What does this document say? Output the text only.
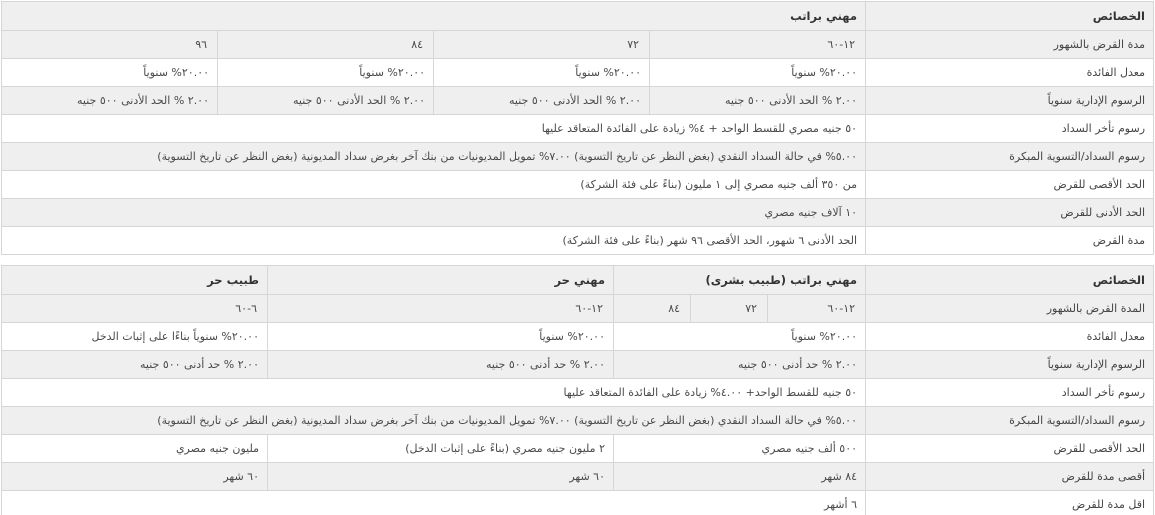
الخصائص	مهني براتب			
مدة القرض بالشهور	١٢-٦٠	٧٢	٨٤	٩٦
معدل الفائدة	٢٠.٠٠% سنوياً	٢٠.٠٠% سنوياً	٢٠.٠٠% سنوياً	٢٠.٠٠% سنوياً
الرسوم الإدارية سنوياً	٢.٠٠ % الحد الأدنى ٥٠٠ جنيه	٢.٠٠ % الحد الأدنى ٥٠٠ جنيه	٢.٠٠ % الحد الأدنى ٥٠٠ جنيه	٢.٠٠ % الحد الأدنى ٥٠٠ جنيه
رسوم تأخر السداد	٥٠ جنيه مصري للقسط الواحد + ٤% زيادة على الفائدة المتعاقد عليها			
رسوم السداد/التسوية المبكرة	٥.٠٠% في حالة السداد النقدي (بغض النظر عن تاريخ التسوية) ٧.٠٠% تمويل المديونيات من بنك آخر بغرض سداد المديونية (بغض النظر عن تاريخ التسوية)			
الحد الأقصى للقرض	من ٣٥٠ ألف جنيه مصري إلى ١ مليون (بناءً على فئة الشركة)			
الحد الأدنى للقرض	١٠ آلاف جنيه مصري			
مدة القرض	الحد الأدنى ٦ شهور، الحد الأقصى ٩٦ شهر (بناءً على فئة الشركة)			
الخصائص	مهني براتب (طبيب بشرى)			مهني حر	طبيب حر
المدة القرض بالشهور	١٢-٦٠	٧٢	٨٤	١٢-٦٠	٦-٦٠
معدل الفائدة	٢٠.٠٠% سنوياً			٢٠.٠٠% سنوياً	٢٠.٠٠% سنوياً بناءًا على إثبات الدخل
الرسوم الإدارية سنوياً	٢.٠٠ % حد أدنى ٥٠٠ جنيه			٢.٠٠ % حد أدنى ٥٠٠ جنيه	٢.٠٠ % حد أدنى ٥٠٠ جنيه
رسوم تأخر السداد	٥٠ جنيه للقسط الواحد+ ٤.٠٠% زيادة على الفائدة المتعاقد عليها				
رسوم السداد/التسوية المبكرة	٥.٠٠% في حالة السداد النقدي (بغض النظر عن تاريخ التسوية) ٧.٠٠% تمويل المديونيات من بنك آخر بغرض سداد المديونية (بغض النظر عن تاريخ التسوية)				
الحد الأقصى للقرض	٥٠٠ ألف جنيه مصري			٢ مليون جنيه مصري (بناءً على إثبات الدخل)	مليون جنيه مصري
أقصى مدة للقرض	٨٤ شهر			٦٠ شهر	٦٠ شهر
اقل مدة للقرض	٦ أشهر				
